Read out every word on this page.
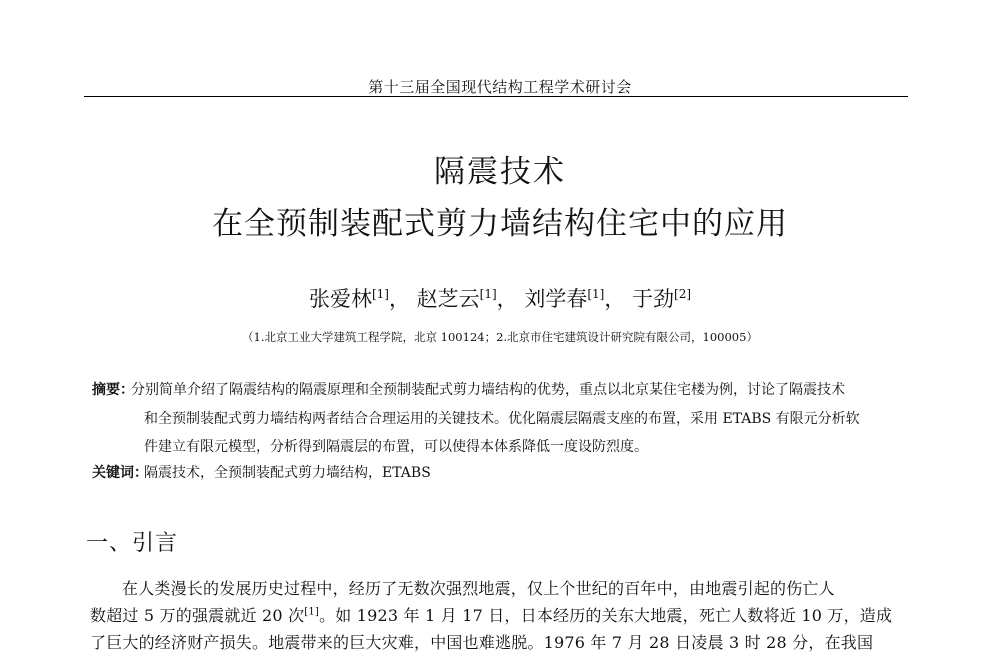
第十三届全国现代结构工程学术研讨会
隔震技术
在全预制装配式剪力墙结构住宅中的应用
张爱林[1]， 赵芝云[1]， 刘学春[1]， 于劲[2]
（1.北京工业大学建筑工程学院，北京 100124；2.北京市住宅建筑设计研究院有限公司，100005）
摘要：
分别简单介绍了隔震结构的隔震原理和全预制装配式剪力墙结构的优势，重点以北京某住宅楼为例，讨论了隔震技术
和全预制装配式剪力墙结构两者结合合理运用的关键技术。优化隔震层隔震支座的布置，采用 ETABS 有限元分析软
件建立有限元模型，分析得到隔震层的布置，可以使得本体系降低一度设防烈度。
关键词：
隔震技术，全预制装配式剪力墙结构，ETABS
一、引言
在人类漫长的发展历史过程中，经历了无数次强烈地震，仅上个世纪的百年中，由地震引起的伤亡人
数超过 5 万的强震就近 20 次[1]。如 1923 年 1 月 17 日，日本经历的关东大地震，死亡人数将近 10 万，造成
了巨大的经济财产损失。地震带来的巨大灾难，中国也难逃脱。1976 年 7 月 28 日凌晨 3 时 28 分，在我国
